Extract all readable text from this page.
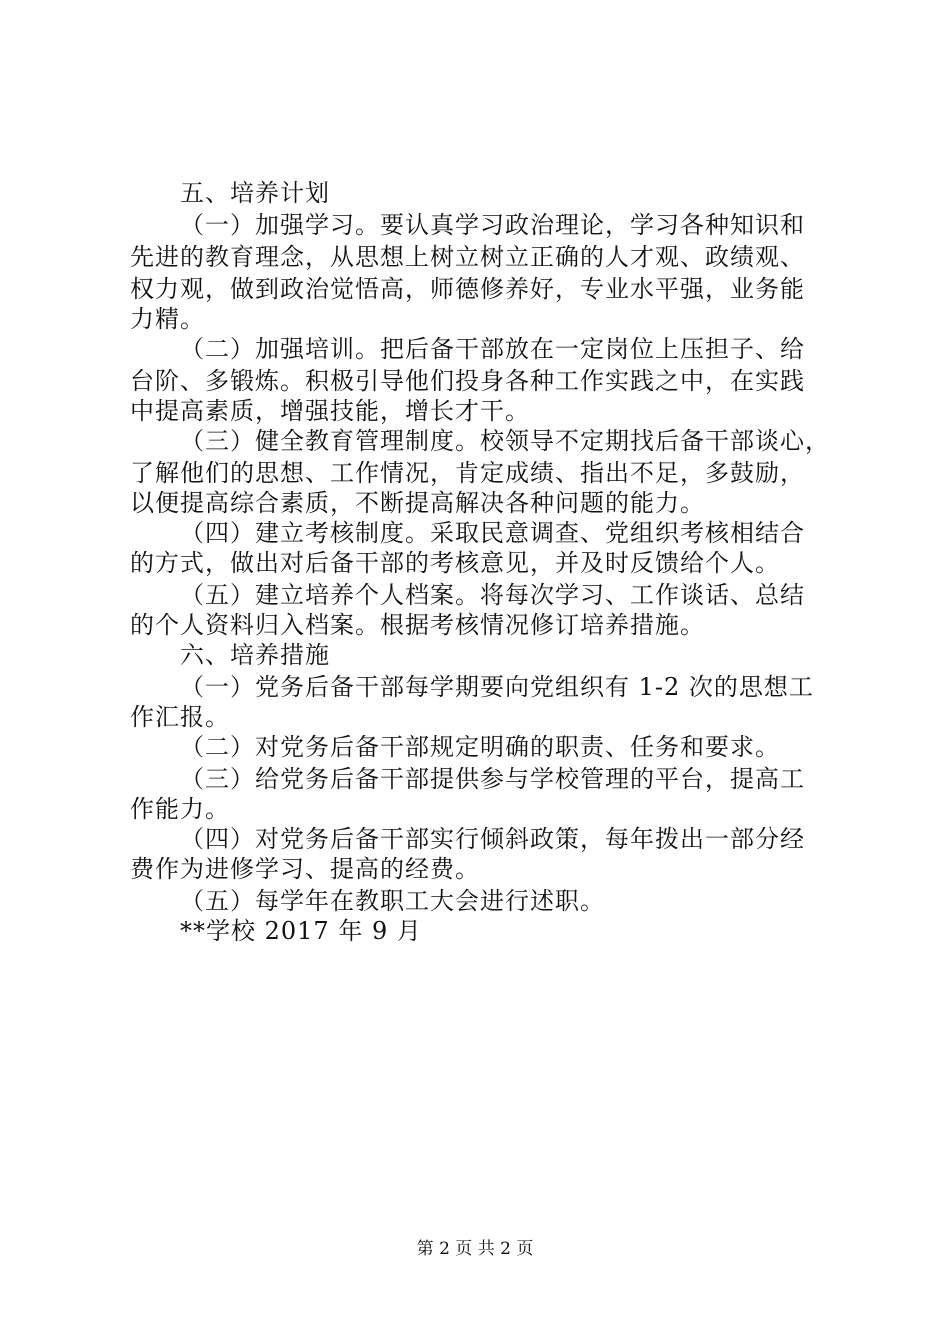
五、培养计划
（一）加强学习。要认真学习政治理论，学习各种知识和
先进的教育理念，从思想上树立树立正确的人才观、政绩观、
权力观，做到政治觉悟高，师德修养好，专业水平强，业务能
力精。
（二）加强培训。把后备干部放在一定岗位上压担子、给
台阶、多锻炼。积极引导他们投身各种工作实践之中，在实践
中提高素质，增强技能，增长才干。
（三）健全教育管理制度。校领导不定期找后备干部谈心，
了解他们的思想、工作情况，肯定成绩、指出不足，多鼓励，
以便提高综合素质，不断提高解决各种问题的能力。
（四）建立考核制度。采取民意调查、党组织考核相结合
的方式，做出对后备干部的考核意见，并及时反馈给个人。
（五）建立培养个人档案。将每次学习、工作谈话、总结
的个人资料归入档案。根据考核情况修订培养措施。
六、培养措施
（一）党务后备干部每学期要向党组织有 1-2 次的思想工
作汇报。
（二）对党务后备干部规定明确的职责、任务和要求。
（三）给党务后备干部提供参与学校管理的平台，提高工
作能力。
（四）对党务后备干部实行倾斜政策，每年拨出一部分经
费作为进修学习、提高的经费。
（五）每学年在教职工大会进行述职。
**学校 2017 年 9 月
第 2 页 共 2 页
